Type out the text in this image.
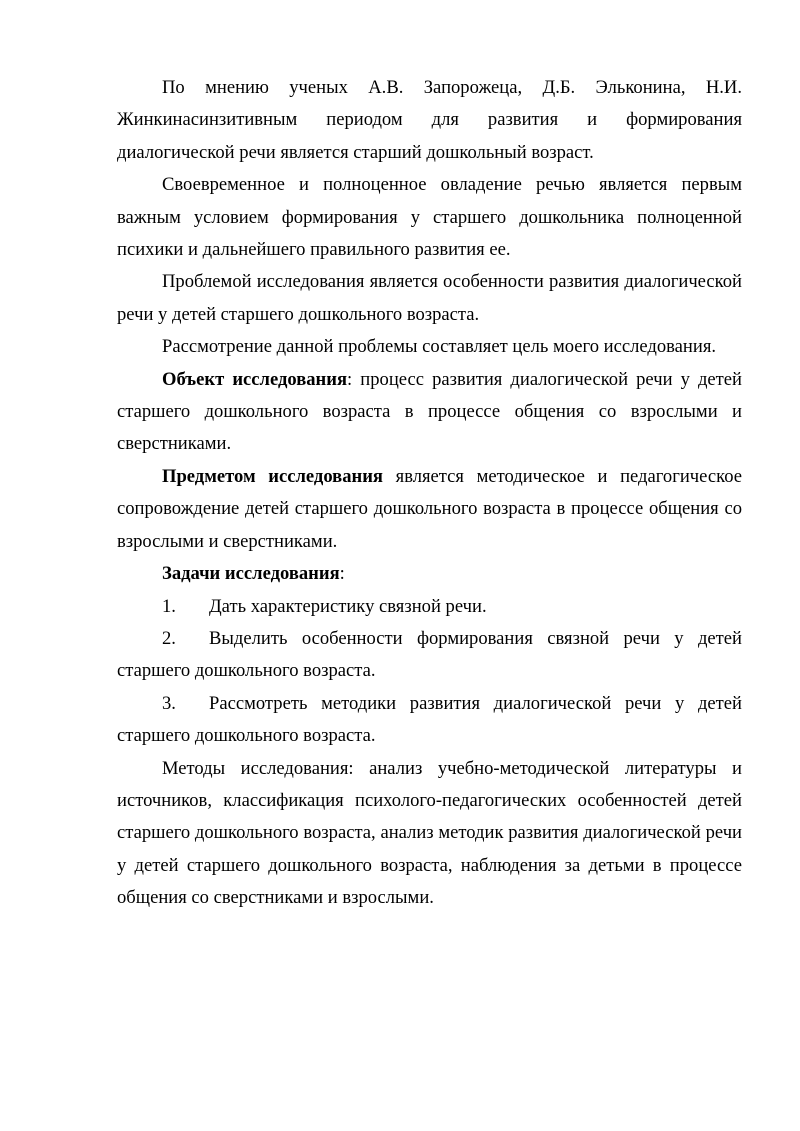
По мнению ученых А.В. Запорожеца, Д.Б. Эльконина, Н.И. Жинкинасинзитивным периодом для развития и формирования диалогической речи является старший дошкольный возраст.

Своевременное и полноценное овладение речью является первым важным условием формирования у старшего дошкольника полноценной психики и дальнейшего правильного развития ее.

Проблемой исследования является особенности развития диалогической речи у детей старшего дошкольного возраста.

Рассмотрение данной проблемы составляет цель моего исследования.

Объект исследования: процесс развития диалогической речи у детей старшего дошкольного возраста в процессе общения со взрослыми и сверстниками.

Предметом исследования является методическое и педагогическое сопровождение детей старшего дошкольного возраста в процессе общения со взрослыми и сверстниками.

Задачи исследования:

1. Дать характеристику связной речи.

2. Выделить особенности формирования связной речи у детей старшего дошкольного возраста.

3. Рассмотреть методики развития диалогической речи у детей старшего дошкольного возраста.

Методы исследования: анализ учебно-методической литературы и источников, классификация психолого-педагогических особенностей детей старшего дошкольного возраста, анализ методик развития диалогической речи у детей старшего дошкольного возраста, наблюдения за детьми в процессе общения со сверстниками и взрослыми.
